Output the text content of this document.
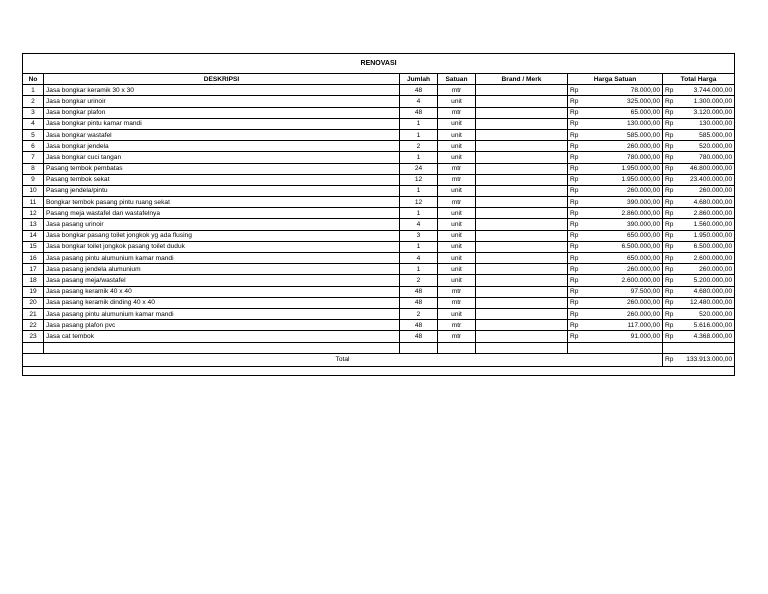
RENOVASI								
No	DESKRIPSI	Jumlah	Satuan	Brand / Merk	Harga Satuan		Total Harga	
1	Jasa bongkar keramik 30 x 30	48	mtr		Rp	78.000,00	Rp	3.744.000,00
2	Jasa bongkar urinoir	4	unit		Rp	325.000,00	Rp	1.300.000,00
3	Jasa bongkar plafon	48	mtr		Rp	65.000,00	Rp	3.120.000,00
4	Jasa bongkar pintu kamar mandi	1	unit		Rp	130.000,00	Rp	130.000,00
5	Jasa bongkar wastafel	1	unit		Rp	585.000,00	Rp	585.000,00
6	Jasa bongkar jendela	2	unit		Rp	260.000,00	Rp	520.000,00
7	Jasa bongkar cuci tangan	1	unit		Rp	780.000,00	Rp	780.000,00
8	Pasang tembok pembatas	24	mtr		Rp	1.950.000,00	Rp	46.800.000,00
9	Pasang tembok sekat	12	mtr		Rp	1.950.000,00	Rp	23.400.000,00
10	Pasang jendela/pintu	1	unit		Rp	260.000,00	Rp	260.000,00
11	Bongkar tembok pasang pintu ruang sekat	12	mtr		Rp	390.000,00	Rp	4.680.000,00
12	Pasang meja wastafel dan wastafelnya	1	unit		Rp	2.860.000,00	Rp	2.860.000,00
13	Jasa pasang urinoir	4	unit		Rp	390.000,00	Rp	1.560.000,00
14	Jasa bongkar pasang toilet jongkok yg ada flusing	3	unit		Rp	650.000,00	Rp	1.950.000,00
15	Jasa bongkar toilet jongkok pasang toilet duduk	1	unit		Rp	6.500.000,00	Rp	6.500.000,00
16	Jasa pasang pintu alumunium kamar mandi	4	unit		Rp	650.000,00	Rp	2.600.000,00
17	Jasa pasang jendela alumunium	1	unit		Rp	260.000,00	Rp	260.000,00
18	Jasa pasang meja/wastafel	2	unit		Rp	2.600.000,00	Rp	5.200.000,00
19	Jasa pasang keramik 40 x 40	48	mtr		Rp	97.500,00	Rp	4.680.000,00
20	Jasa pasang keramik dinding 40 x 40	48	mtr		Rp	260.000,00	Rp	12.480.000,00
21	Jasa pasang pintu alumunium kamar mandi	2	unit		Rp	260.000,00	Rp	520.000,00
22	Jasa pasang plafon pvc	48	mtr		Rp	117.000,00	Rp	5.616.000,00
23	Jasa cat tembok	48	mtr		Rp	91.000,00	Rp	4.368.000,00

Total							Rp	133.913.000,00
